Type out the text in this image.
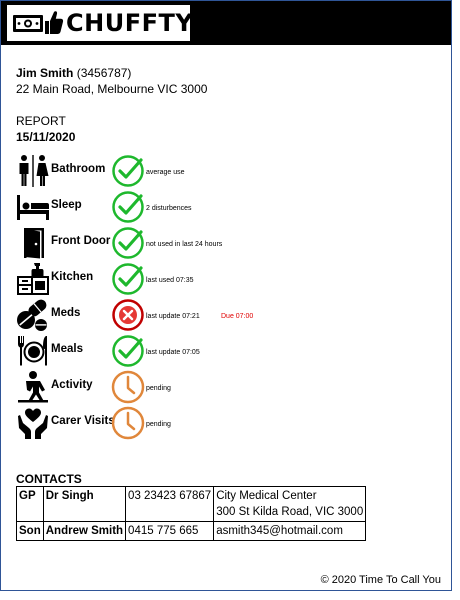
CHUFFTY
Jim Smith (3456787)
22 Main Road, Melbourne VIC 3000
REPORT
15/11/2020
Bathroom	average use
Sleep	2 disturbences
Front Door	not used in last 24 hours
Kitchen	last used 07:35
Meds	last update 07:21	Due 07:00
Meals	last update 07:05
Activity	pending
Carer Visits	pending
CONTACTS
GP	Dr Singh	03 23423 67867	City Medical Center
300 St Kilda Road, VIC 3000

Son	Andrew Smith	0415 775 665	asmith345@hotmail.com
© 2020 Time To Call You
